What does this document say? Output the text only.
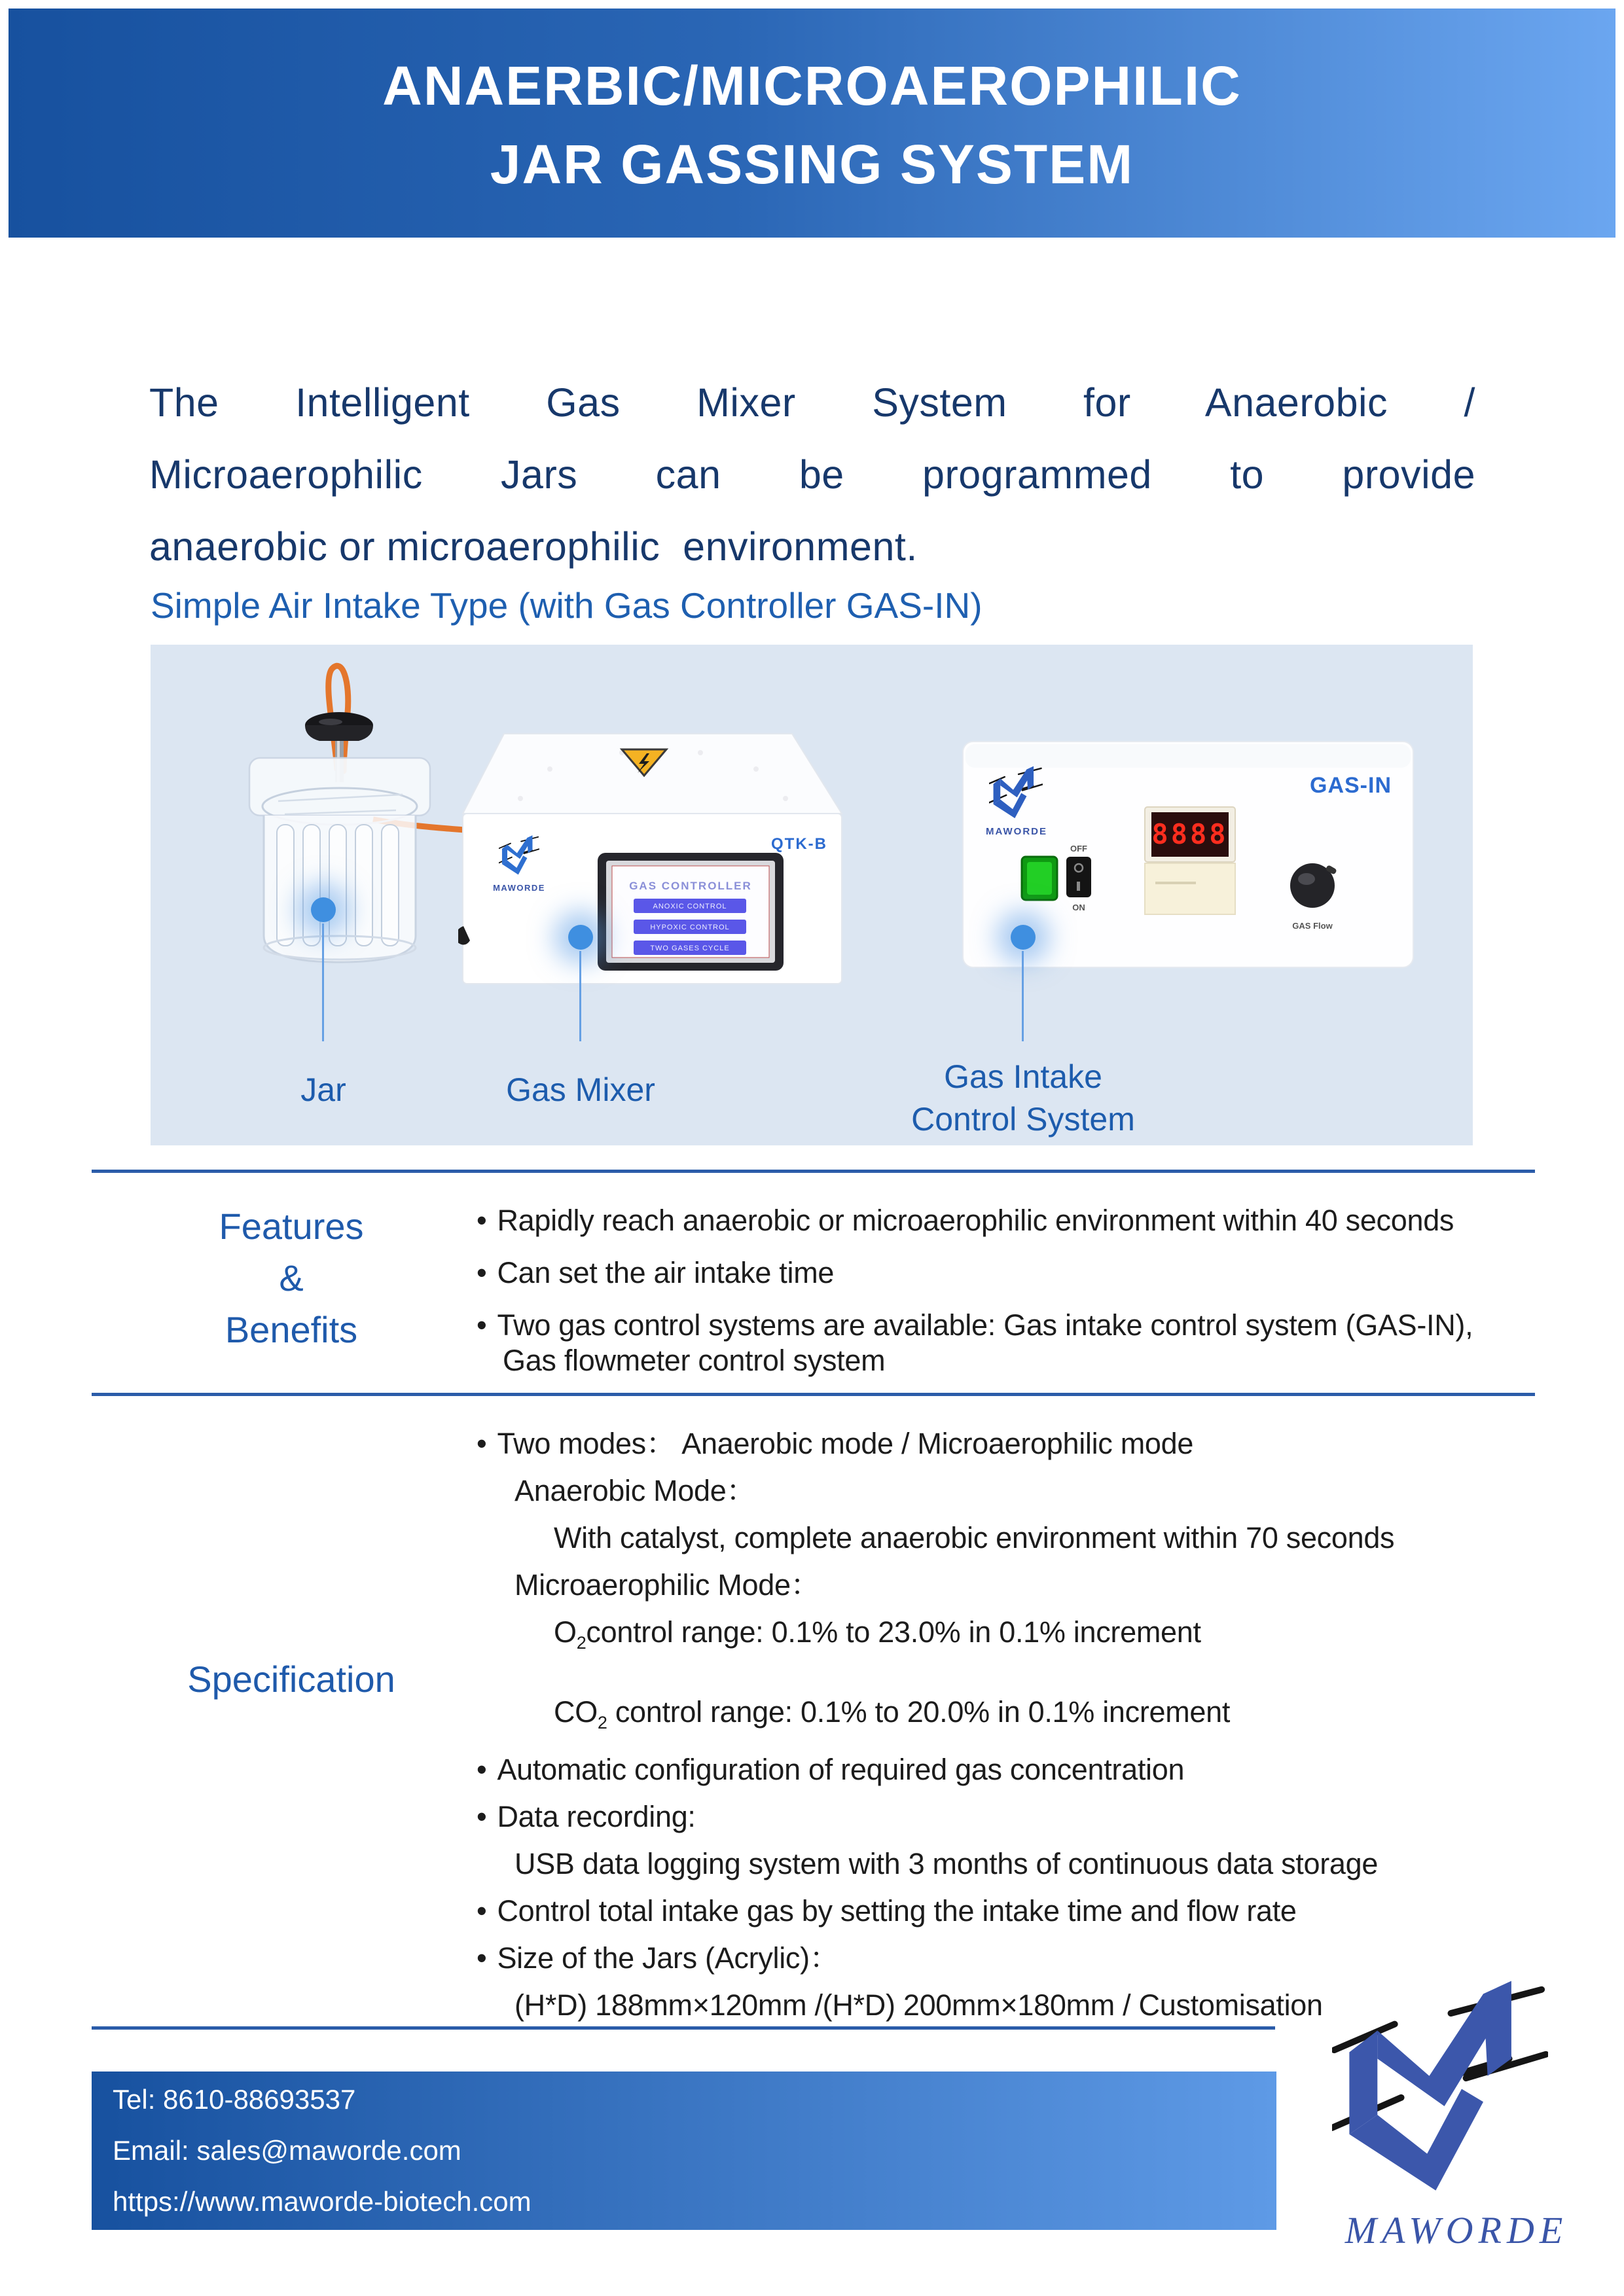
ANAERBIC/MICROAEROPHILIC
JAR GASSING SYSTEM
The Intelligent Gas Mixer System for Anaerobic /
Microaerophilic Jars can be programmed to provide
anaerobic or microaerophilic  environment.
Simple Air Intake Type (with Gas Controller GAS-IN)
QTK-B
MAWORDE	GAS CONTROLLER
ANOXIC CONTROL
HYPOXIC CONTROL
TWO GASES CYCLE
MAWORDE
GAS-IN
8888
OFF
ON
GAS Flow
Jar	Gas Mixer	Gas Intake
Control System
Features
&
Benefits
• Rapidly reach anaerobic or microaerophilic environment within 40 seconds
• Can set the air intake time
• Two gas control systems are available: Gas intake control system (GAS-IN),
Gas flowmeter control system
Specification
• Two modes： Anaerobic mode / Microaerophilic mode
Anaerobic Mode：
With catalyst, complete anaerobic environment within 70 seconds
Microaerophilic Mode：
$O_2control$ range: 0.1% to 23.0% in 0.1% increment
$CO_2$ control range: 0.1% to 20.0% in 0.1% increment
• Automatic configuration of required gas concentration
• Data recording:
USB data logging system with 3 months of continuous data storage
• Control total intake gas by setting the intake time and flow rate
• Size of the Jars (Acrylic)：
(H*D) 188mm×120mm /(H*D) 200mm×180mm / Customisation
Tel: 8610-88693537
Email: sales@maworde.com
https://www.maworde-biotech.com
MAWORDE
